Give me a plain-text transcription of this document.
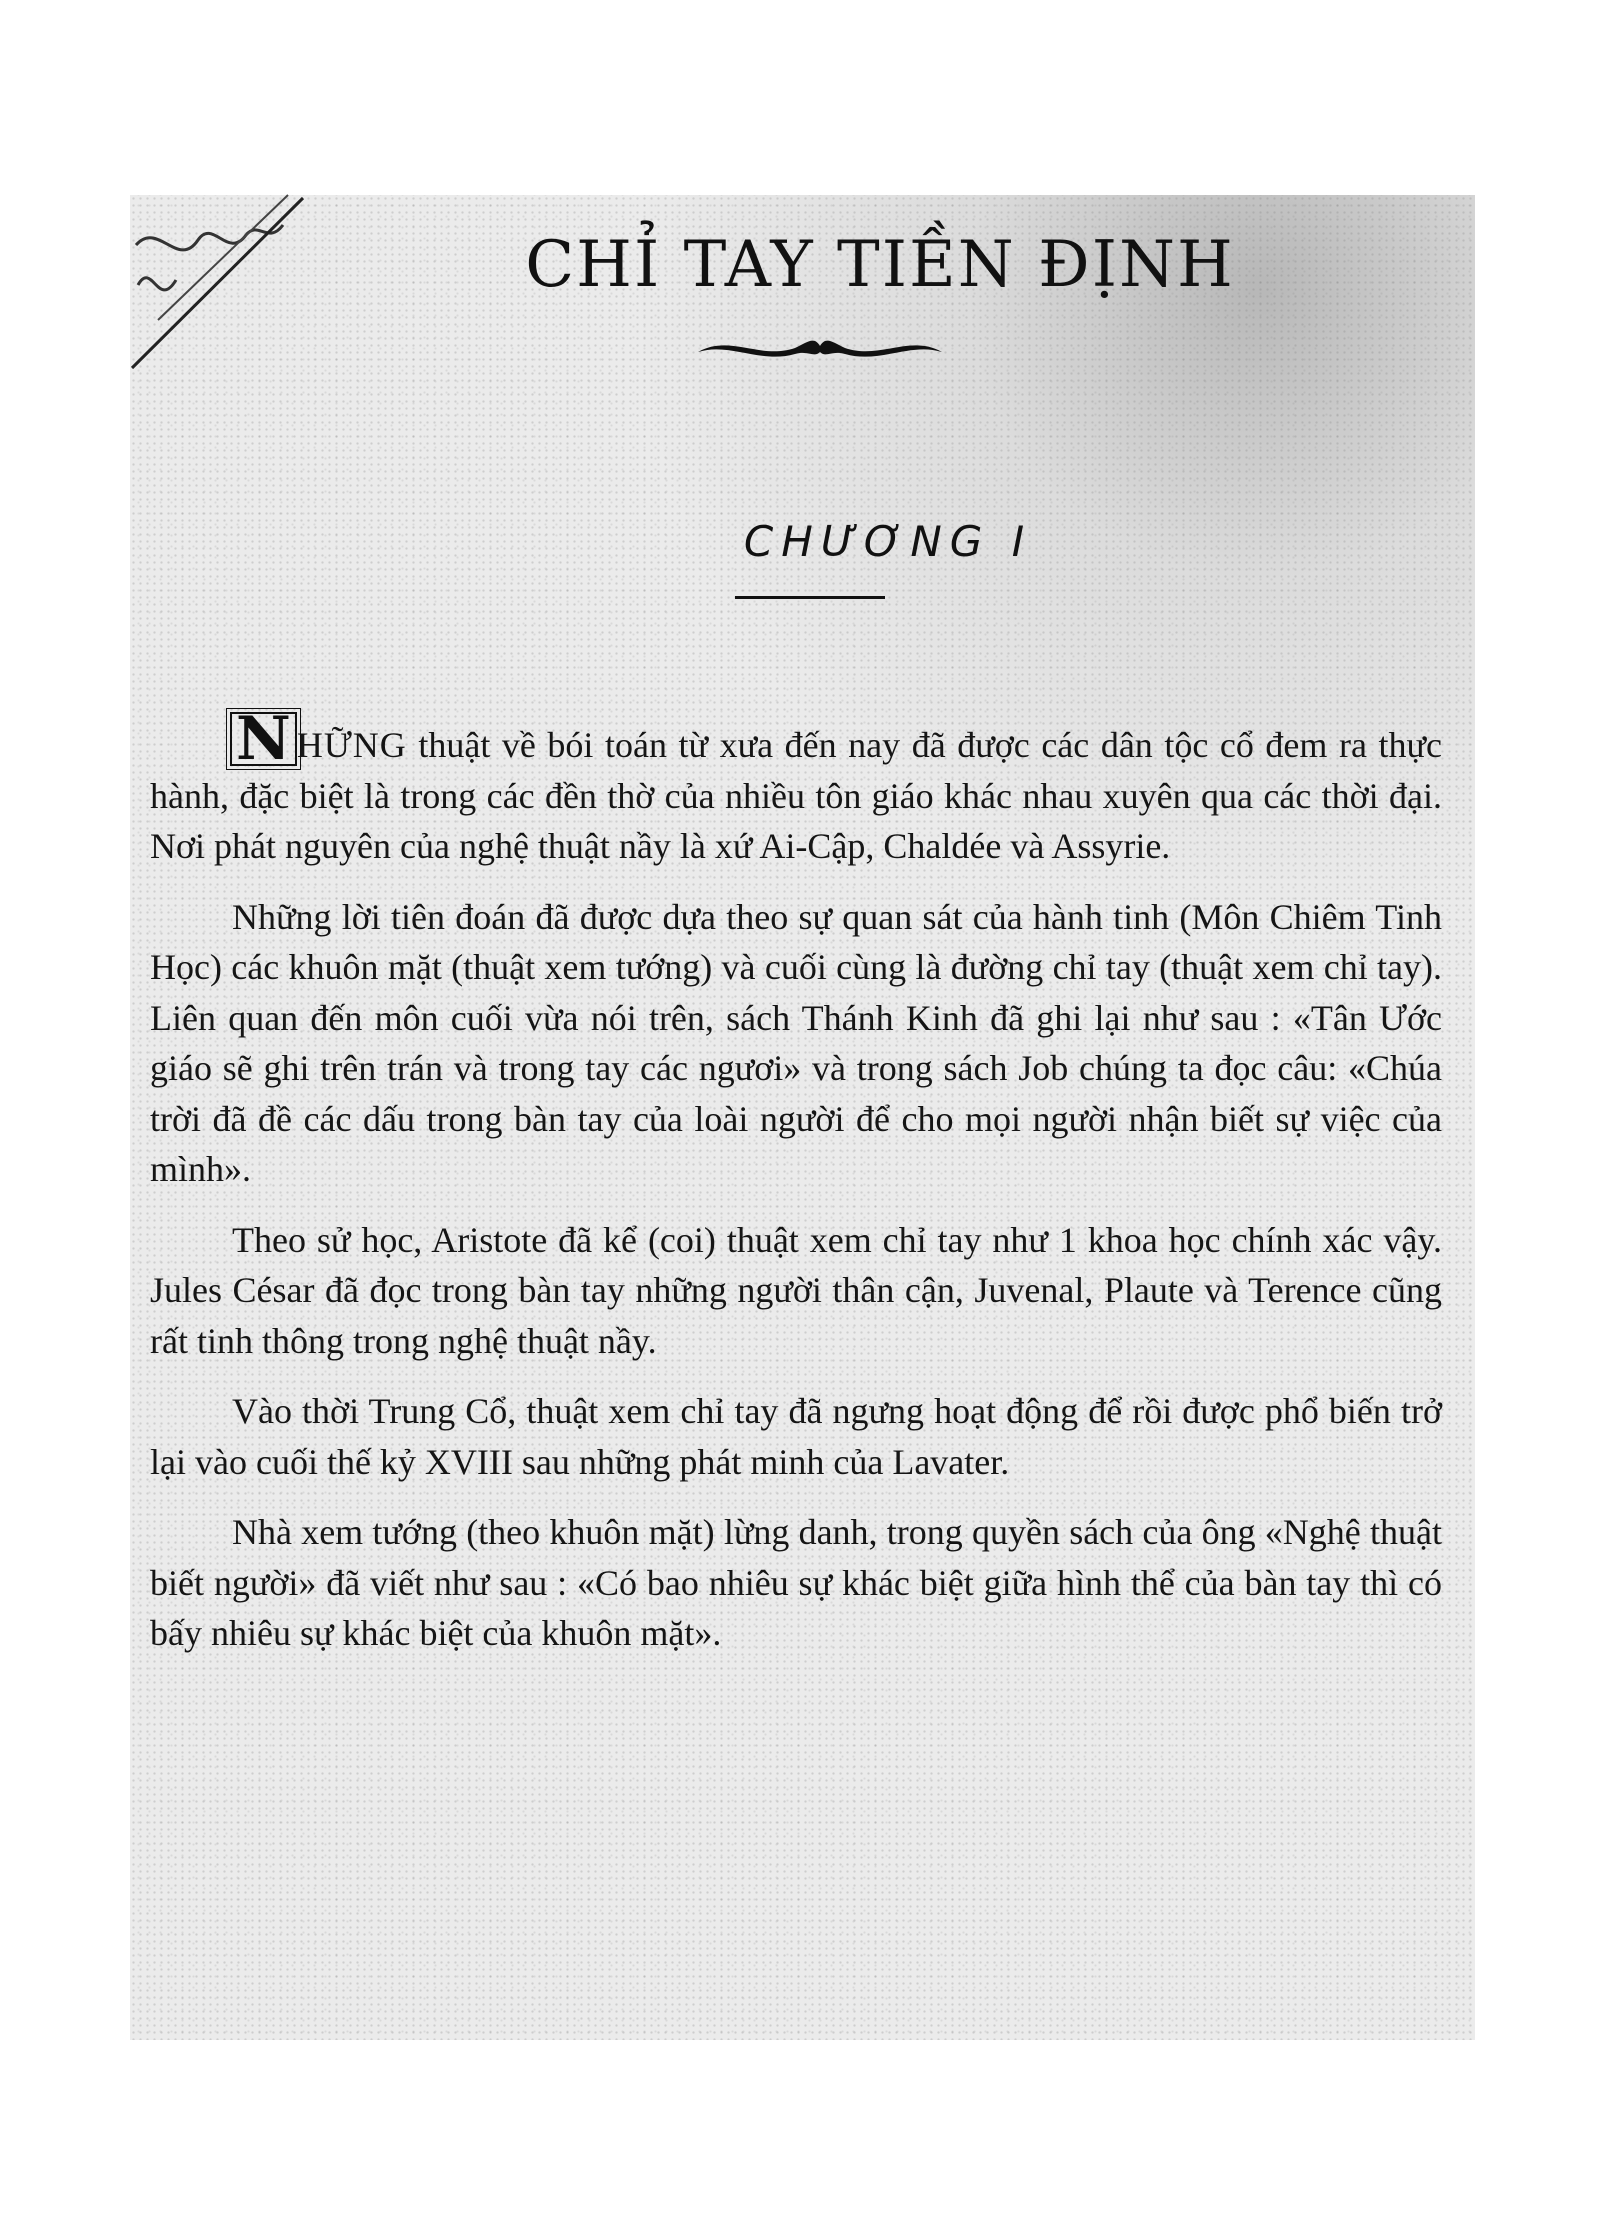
CHỈ TAY TIỀN ĐỊNH
CHƯƠNG I

N HỮNG thuật về bói toán từ xưa đến nay đã được các dân tộc cổ đem ra thực hành, đặc biệt là trong các đền thờ của nhiều tôn giáo khác nhau xuyên qua các thời đại. Nơi phát nguyên của nghệ thuật nầy là xứ Ai-Cập, Chaldée và Assyrie.

Những lời tiên đoán đã được dựa theo sự quan sát của hành tinh (Môn Chiêm Tinh Học) các khuôn mặt (thuật xem tướng) và cuối cùng là đường chỉ tay (thuật xem chỉ tay). Liên quan đến môn cuối vừa nói trên, sách Thánh Kinh đã ghi lại như sau : «Tân Ước giáo sẽ ghi trên trán và trong tay các ngươi» và trong sách Job chúng ta đọc câu: «Chúa trời đã đề các dấu trong bàn tay của loài người để cho mọi người nhận biết sự việc của mình».

Theo sử học, Aristote đã kể (coi) thuật xem chỉ tay như 1 khoa học chính xác vậy. Jules César đã đọc trong bàn tay những người thân cận, Juvenal, Plaute và Terence cũng rất tinh thông trong nghệ thuật nầy.

Vào thời Trung Cổ, thuật xem chỉ tay đã ngưng hoạt động để rồi được phổ biến trở lại vào cuối thế kỷ XVIII sau những phát minh của Lavater.

Nhà xem tướng (theo khuôn mặt) lừng danh, trong quyền sách của ông «Nghệ thuật biết người» đã viết như sau : «Có bao nhiêu sự khác biệt giữa hình thể của bàn tay thì có bấy nhiêu sự khác biệt của khuôn mặt».
